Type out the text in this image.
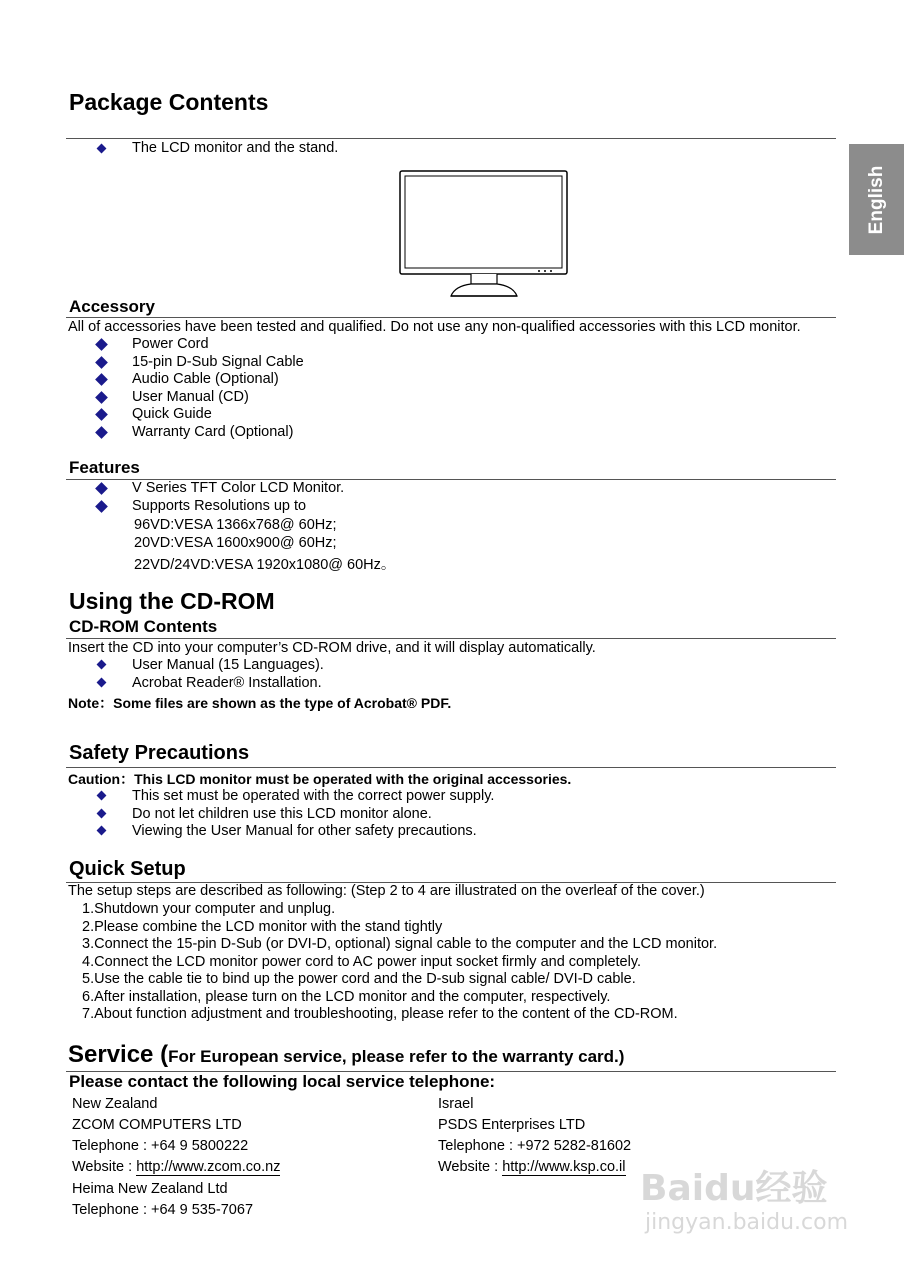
English
Package Contents
The LCD monitor and the stand.
Accessory
All of accessories have been tested and qualified. Do not use any non-qualified accessories with this LCD monitor.
Power Cord
15-pin D-Sub Signal Cable
Audio Cable (Optional)
User Manual (CD)
Quick Guide
Warranty Card (Optional)
Features
V Series TFT Color LCD Monitor.
Supports Resolutions up to
96VD:VESA 1366x768@ 60Hz;
20VD:VESA 1600x900@ 60Hz;
22VD/24VD:VESA 1920x1080@ 60Hz。
Using the CD-ROM
CD-ROM Contents
Insert the CD into your computer’s CD-ROM drive, and it will display automatically.
User Manual (15 Languages).
Acrobat Reader® Installation.
Note：Some files are shown as the type of Acrobat® PDF.
Safety Precautions
Caution：This LCD monitor must be operated with the original accessories.
This set must be operated with the correct power supply.
Do not let children use this LCD monitor alone.
Viewing the User Manual for other safety precautions.
Quick Setup
The setup steps are described as following: (Step 2 to 4 are illustrated on the overleaf of the cover.)
1.Shutdown your computer and unplug.
2.Please combine the LCD monitor with the stand tightly
3.Connect the 15-pin D-Sub (or DVI-D, optional) signal cable to the computer and the LCD monitor.
4.Connect the LCD monitor power cord to AC power input socket firmly and completely.
5.Use the cable tie to bind up the power cord and the D-sub signal cable/ DVI-D cable.
6.After installation, please turn on the LCD monitor and the computer, respectively.
7.About function adjustment and troubleshooting, please refer to the content of the CD-ROM.
Service (For European service, please refer to the warranty card.)
Please contact the following local service telephone:
New Zealand
ZCOM COMPUTERS LTD
Telephone : +64 9 5800222
Website : http://www.zcom.co.nz
Heima New Zealand Ltd
Telephone : +64 9 535-7067
Israel
PSDS Enterprises LTD
Telephone : +972 5282-81602
Website : http://www.ksp.co.il
Baidu经验
jingyan.baidu.com
